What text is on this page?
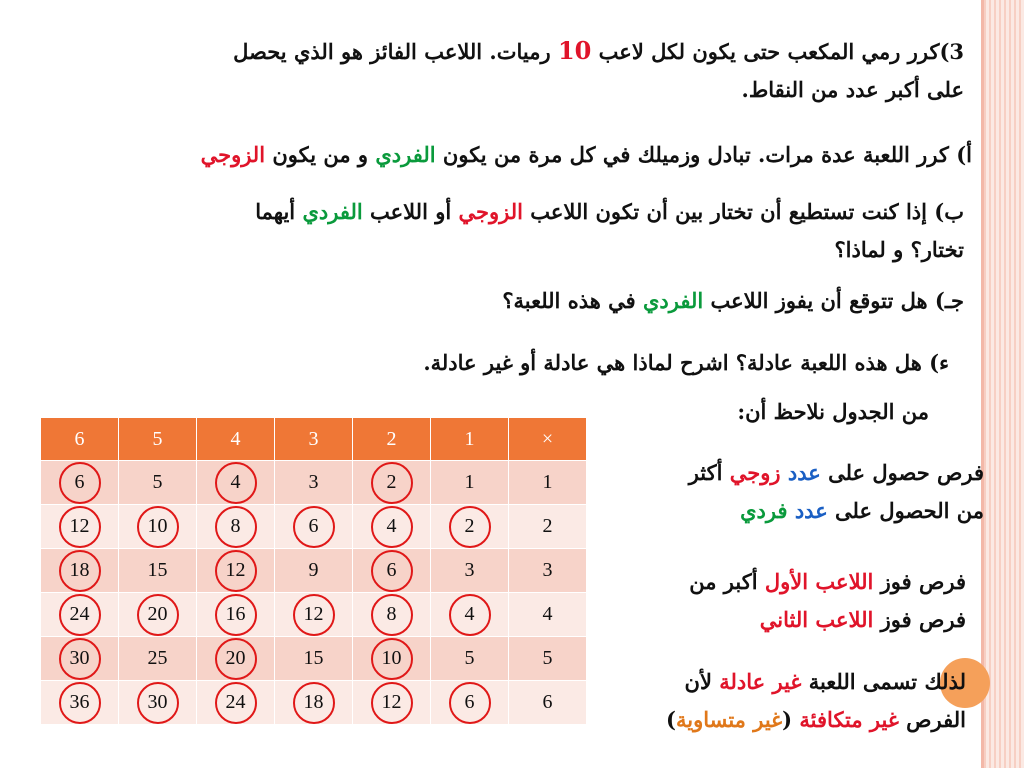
3)كرر رمي المكعب حتى يكون لكل لاعب 10 رميات. اللاعب الفائز هو الذي يحصل
على أكبر عدد من النقاط.
أ) كرر اللعبة عدة مرات. تبادل وزميلك في كل مرة من يكون الفردي و من يكون الزوجي
ب) إذا كنت تستطيع أن تختار بين أن تكون اللاعب الزوجي أو اللاعب الفردي أيهما
تختار؟ و لماذا؟
جـ) هل تتوقع أن يفوز اللاعب الفردي في هذه اللعبة؟
ء) هل هذه اللعبة عادلة؟ اشرح لماذا هي عادلة أو غير عادلة.
من الجدول نلاحظ أن:
6	5	4	3	2	1	×

6	5	4	3	2	1	1

12	10	8	6	4	2	2

18	15	12	9	6	3	3

24	20	16	12	8	4	4

30	25	20	15	10	5	5

36	30	24	18	12	6	6
فرص حصول على عدد زوجي أكثر
من الحصول على عدد فردي
فرص فوز اللاعب الأول أكبر من
فرص فوز اللاعب الثاني
لذلك تسمى اللعبة غير عادلة لأن
الفرص غير متكافئة (غير متساوية)
